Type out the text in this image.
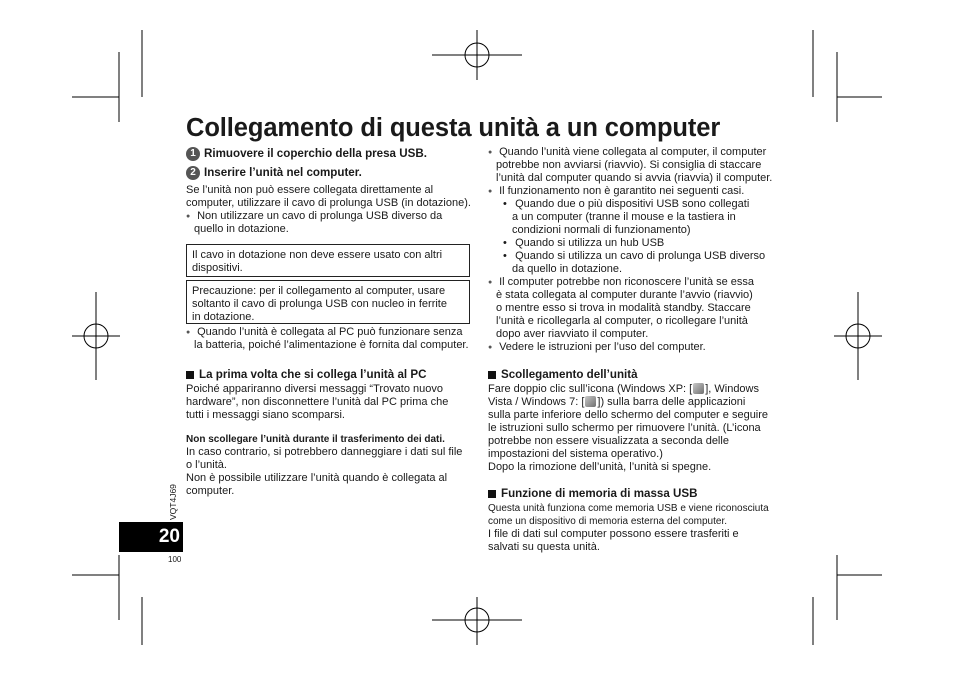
Collegamento di questa unità a un computer
1 Rimuovere il coperchio della presa USB.
2 Inserire l’unità nel computer.

Se l’unità non può essere collegata direttamente al

computer, utilizzare il cavo di prolunga USB (in dotazione).

● Non utilizzare un cavo di prolunga USB diverso da
quello in dotazione.

Il cavo in dotazione non deve essere usato con altri

dispositivi.

Precauzione: per il collegamento al computer, usare

soltanto il cavo di prolunga USB con nucleo in ferrite

in dotazione.

● Quando l’unità è collegata al PC può funzionare senza
la batteria, poiché l’alimentazione è fornita dal computer.
La prima volta che si collega l’unità al PC

Poiché appariranno diversi messaggi “Trovato nuovo

hardware”, non disconnettere l’unità dal PC prima che

tutti i messaggi siano scomparsi.

Non scollegare l’unità durante il trasferimento dei dati.

In caso contrario, si potrebbero danneggiare i dati sul file

o l’unità.

Non è possibile utilizzare l’unità quando è collegata al

computer.

● Quando l’unità viene collegata al computer, il computer
potrebbe non avviarsi (riavvio). Si consiglia di staccare
l’unità dal computer quando si avvia (riavvia) il computer.
● Il funzionamento non è garantito nei seguenti casi.
• Quando due o più dispositivi USB sono collegati
a un computer (tranne il mouse e la tastiera in
condizioni normali di funzionamento)
• Quando si utilizza un hub USB
• Quando si utilizza un cavo di prolunga USB diverso
da quello in dotazione.
● Il computer potrebbe non riconoscere l’unità se essa
è stata collegata al computer durante l’avvio (riavvio)
o mentre esso si trova in modalità standby. Staccare
l’unità e ricollegarla al computer, o ricollegare l’unità
dopo aver riavviato il computer.
● Vedere le istruzioni per l’uso del computer.
Scollegamento dell’unità

Fare doppio clic sull’icona (Windows XP: [ ], Windows

Vista / Windows 7: [ ]) sulla barra delle applicazioni

sulla parte inferiore dello schermo del computer e seguire

le istruzioni sullo schermo per rimuovere l’unità. (L’icona

potrebbe non essere visualizzata a seconda delle

impostazioni del sistema operativo.)

Dopo la rimozione dell’unità, l’unità si spegne.

Funzione di memoria di massa USB

Questa unità funziona come memoria USB e viene riconosciuta

come un dispositivo di memoria esterna del computer.

I file di dati sul computer possono essere trasferiti e

salvati su questa unità.

VQT4J69
20
100
